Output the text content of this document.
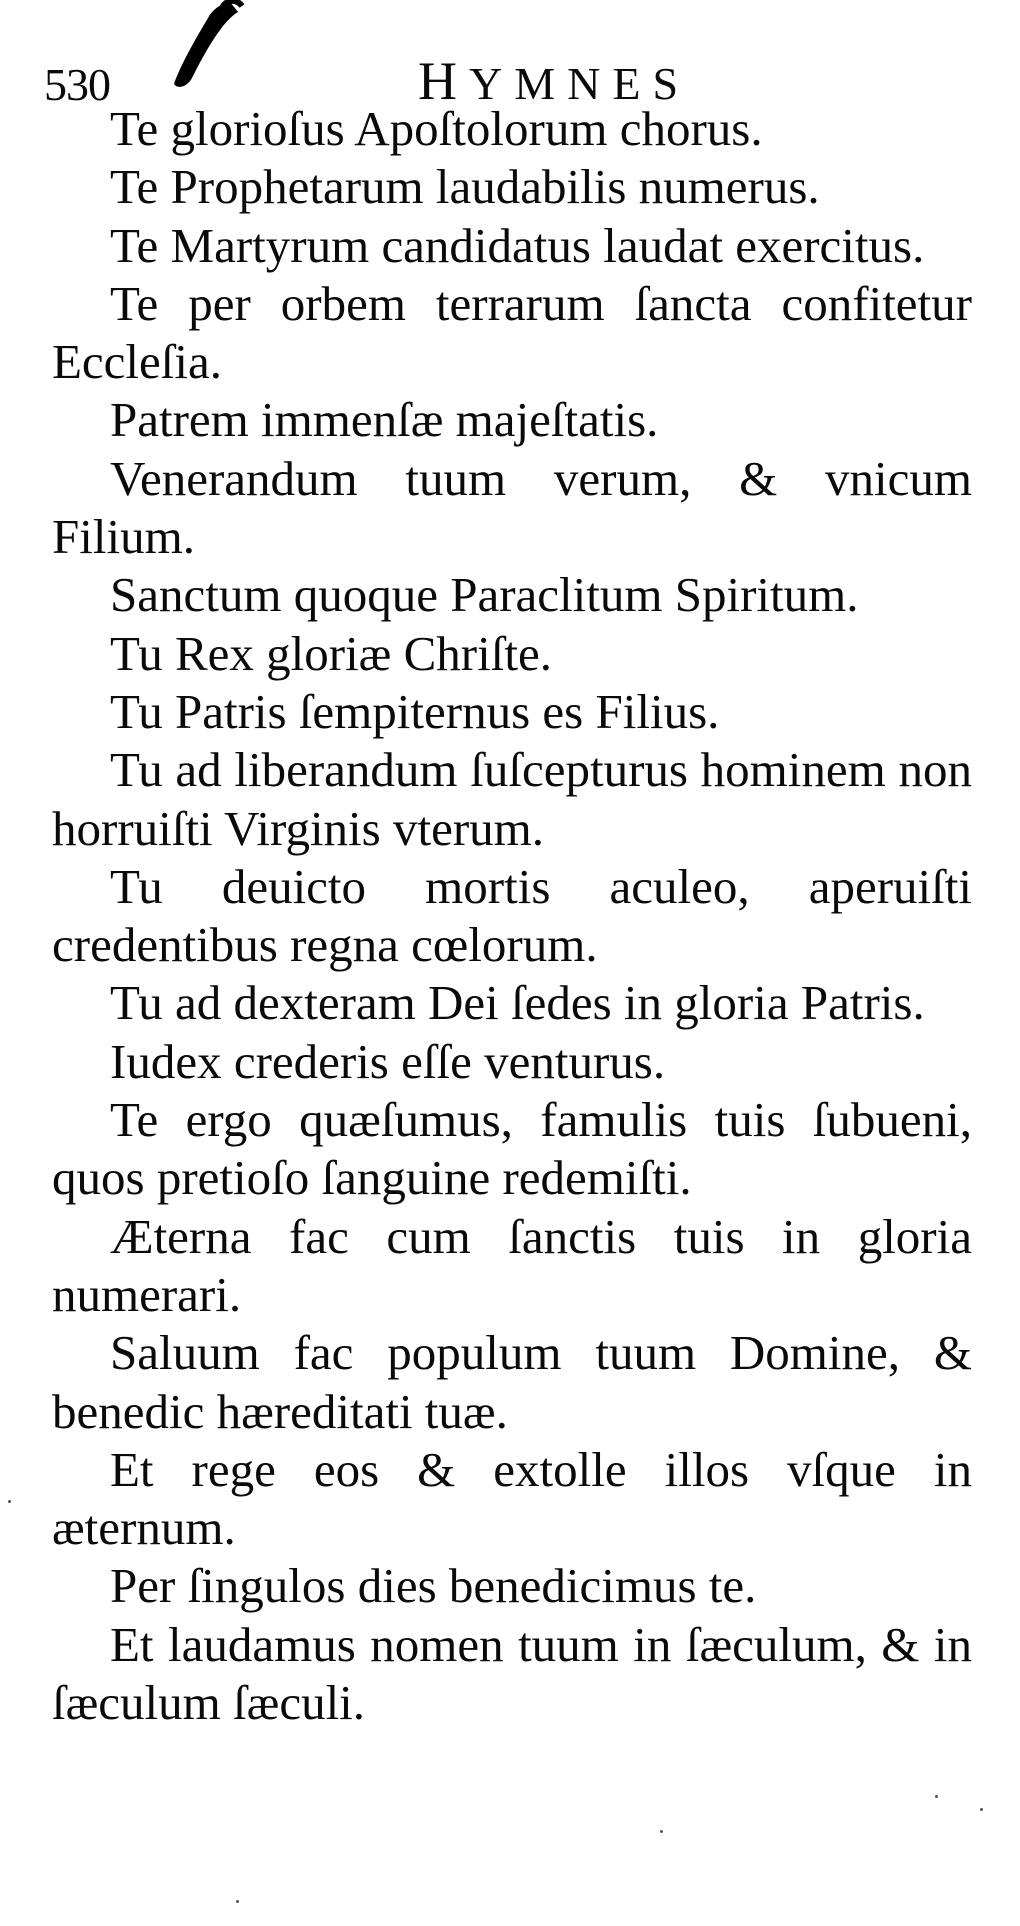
530	HYMNES

Te glorioſus Apoſtolorum chorus.

Te Prophetarum laudabilis numerus.

Te Martyrum candidatus laudat exercitus.

Te per orbem terrarum ſancta confitetur Eccleſia.

Patrem immenſæ majeſtatis.

Venerandum tuum verum, & vnicum Filium.

Sanctum quoque Paraclitum Spiritum.

Tu Rex gloriæ Chriſte.

Tu Patris ſempiternus es Filius.

Tu ad liberandum ſuſcepturus hominem non horruiſti Virginis vterum.

Tu deuicto mortis aculeo, aperuiſti credentibus regna cœlorum.

Tu ad dexteram Dei ſedes in gloria Patris.

Iudex crederis eſſe venturus.

Te ergo quæſumus, famulis tuis ſubueni, quos pretioſo ſanguine redemiſti.

Æterna fac cum ſanctis tuis in gloria numerari.

Saluum fac populum tuum Domine, & benedic hæreditati tuæ.

Et rege eos & extolle illos vſque in æternum.

Per ſingulos dies benedicimus te.

Et laudamus nomen tuum in ſæculum, & in ſæculum ſæculi.
